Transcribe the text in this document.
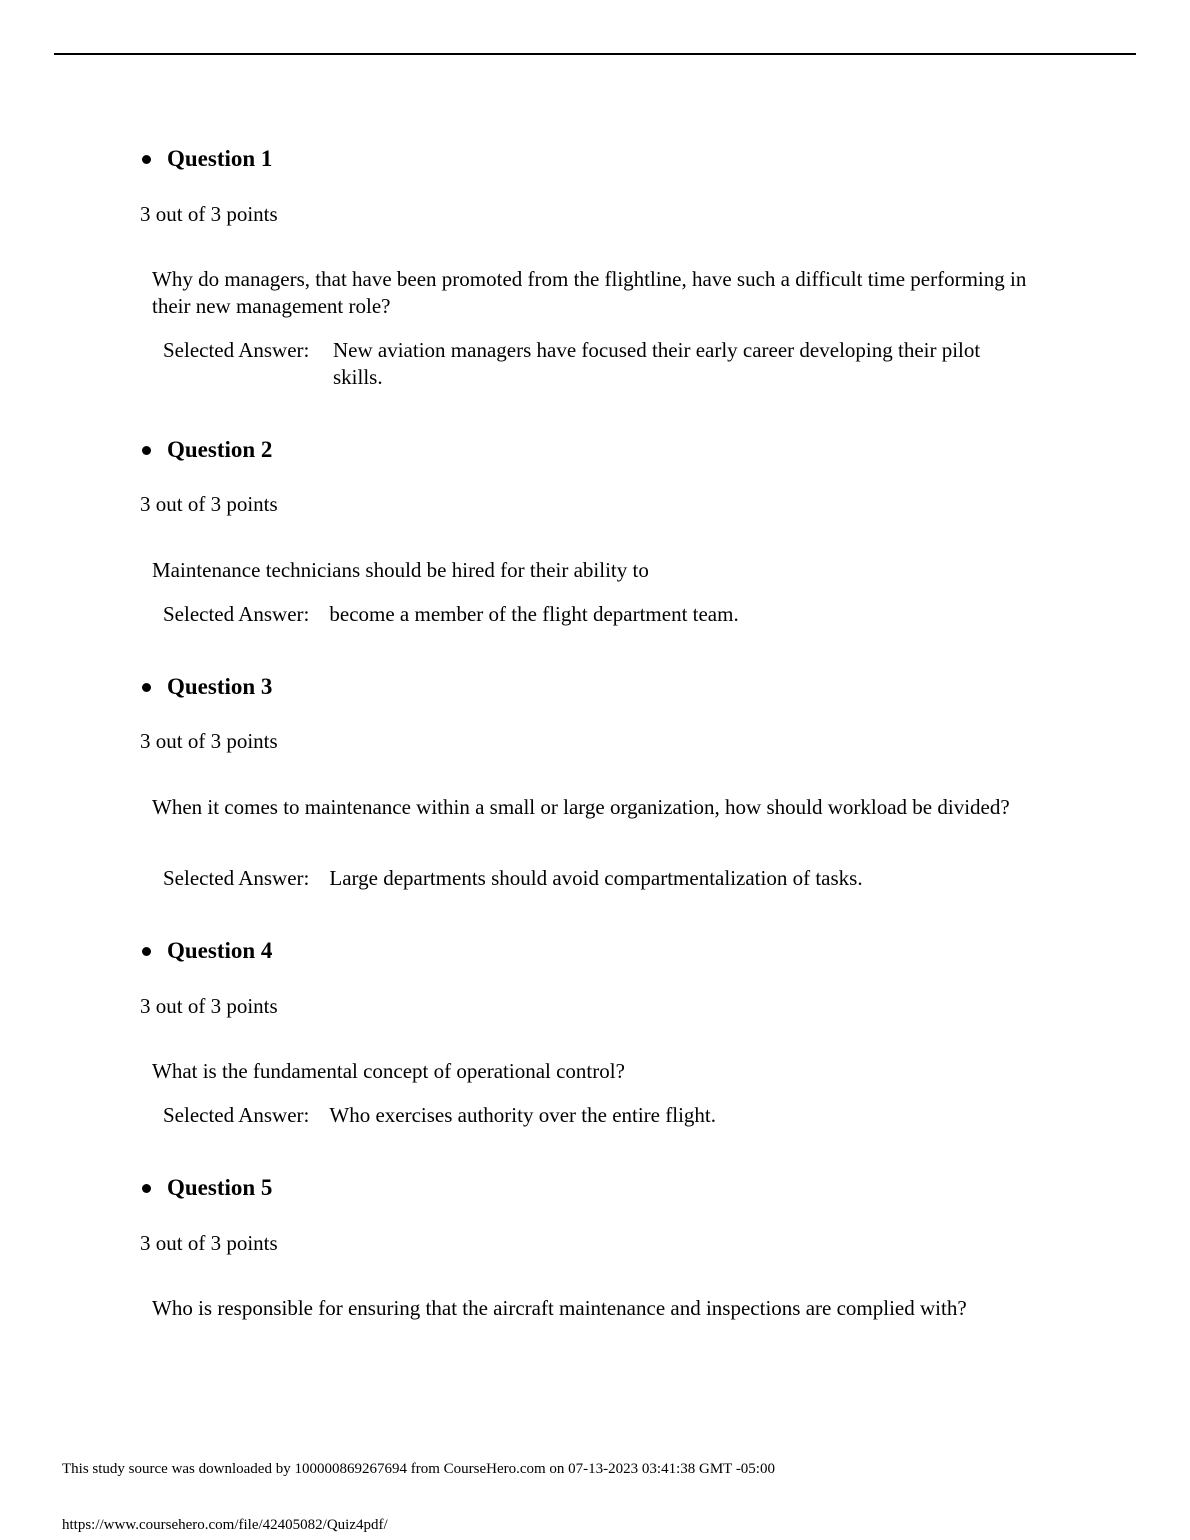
Question 1
3 out of 3 points
Why do managers, that have been promoted from the flightline, have such a difficult time performing in their new management role?
Selected Answer:	New aviation managers have focused their early career developing their pilot skills.
Question 2
3 out of 3 points
Maintenance technicians should be hired for their ability to
Selected Answer: become a member of the flight department team.
Question 3
3 out of 3 points
When it comes to maintenance within a small or large organization, how should workload be divided?
Selected Answer: Large departments should avoid compartmentalization of tasks.
Question 4
3 out of 3 points
What is the fundamental concept of operational control?
Selected Answer: Who exercises authority over the entire flight.
Question 5
3 out of 3 points
Who is responsible for ensuring that the aircraft maintenance and inspections are complied with?
This study source was downloaded by 100000869267694 from CourseHero.com on 07-13-2023 03:41:38 GMT -05:00
https://www.coursehero.com/file/42405082/Quiz4pdf/
